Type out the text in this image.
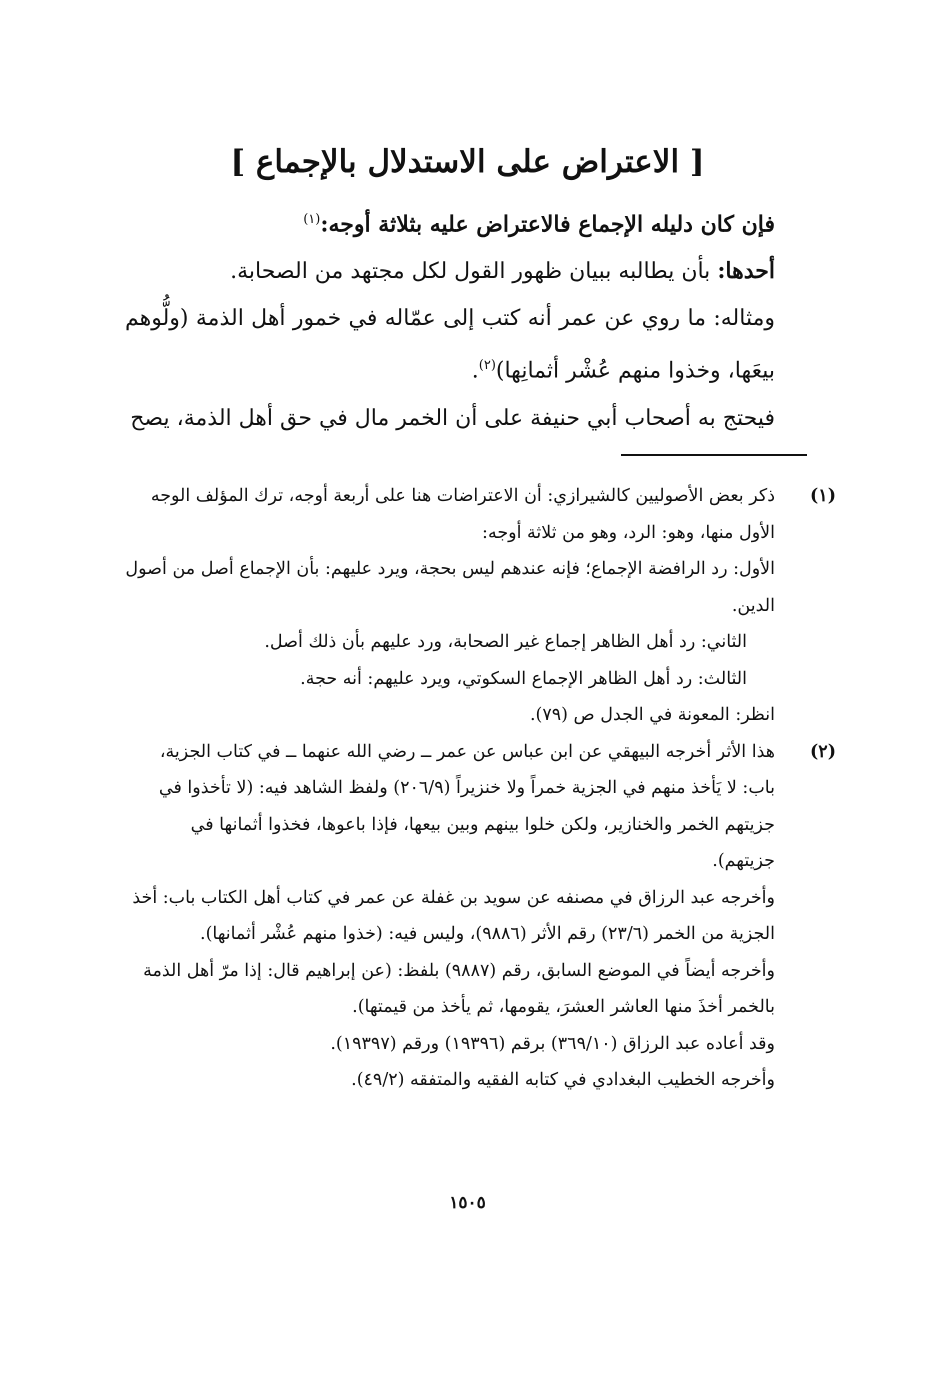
[ الاعتراض على الاستدلال بالإجماع ]

فإن كان دليله الإجماع فالاعتراض عليه بثلاثة أوجه:$^{(١)}$

أحدها: بأن يطالبه ببيان ظهور القول لكل مجتهد من الصحابة.

ومثاله: ما روي عن عمر أنه كتب إلى عمّاله في خمور أهل الذمة (ولُّوهم بيعَها، وخذوا منهم عُشْر أثمانِها)$^{(٢)}$.

فيحتج به أصحاب أبي حنيفة على أن الخمر مال في حق أهل الذمة، يصح

(١)

ذكر بعض الأصوليين كالشيرازي: أن الاعتراضات هنا على أربعة أوجه، ترك المؤلف الوجه الأول منها، وهو: الرد، وهو من ثلاثة أوجه:

الأول: رد الرافضة الإجماع؛ فإنه عندهم ليس بحجة، ويرد عليهم: بأن الإجماع أصل من أصول الدين.

الثاني: رد أهل الظاهر إجماع غير الصحابة، ورد عليهم بأن ذلك أصل.

الثالث: رد أهل الظاهر الإجماع السكوتي، ويرد عليهم: أنه حجة.

انظر: المعونة في الجدل ص (٧٩).

(٢)

هذا الأثر أخرجه البيهقي عن ابن عباس عن عمر ــ رضي الله عنهما ــ في كتاب الجزية، باب: لا يَأخذ منهم في الجزية خمراً ولا خنزيراً (٢٠٦/٩) ولفظ الشاهد فيه: (لا تأخذوا في جزيتهم الخمر والخنازير، ولكن خلوا بينهم وبين بيعها، فإذا باعوها، فخذوا أثمانها في جزيتهم).

وأخرجه عبد الرزاق في مصنفه عن سويد بن غفلة عن عمر في كتاب أهل الكتاب باب: أخذ الجزية من الخمر (٢٣/٦) رقم الأثر (٩٨٨٦)، وليس فيه: (خذوا منهم عُشْر أثمانها).

وأخرجه أيضاً في الموضع السابق، رقم (٩٨٨٧) بلفظ: (عن إبراهيم قال: إذا مرّ أهل الذمة بالخمر أخذَ منها العاشر العشرَ، يقومها، ثم يأخذ من قيمتها).

وقد أعاده عبد الرزاق (٣٦٩/١٠) برقم (١٩٣٩٦) ورقم (١٩٣٩٧).

وأخرجه الخطيب البغدادي في كتابه الفقيه والمتفقه (٤٩/٢).

١٥٠٥
